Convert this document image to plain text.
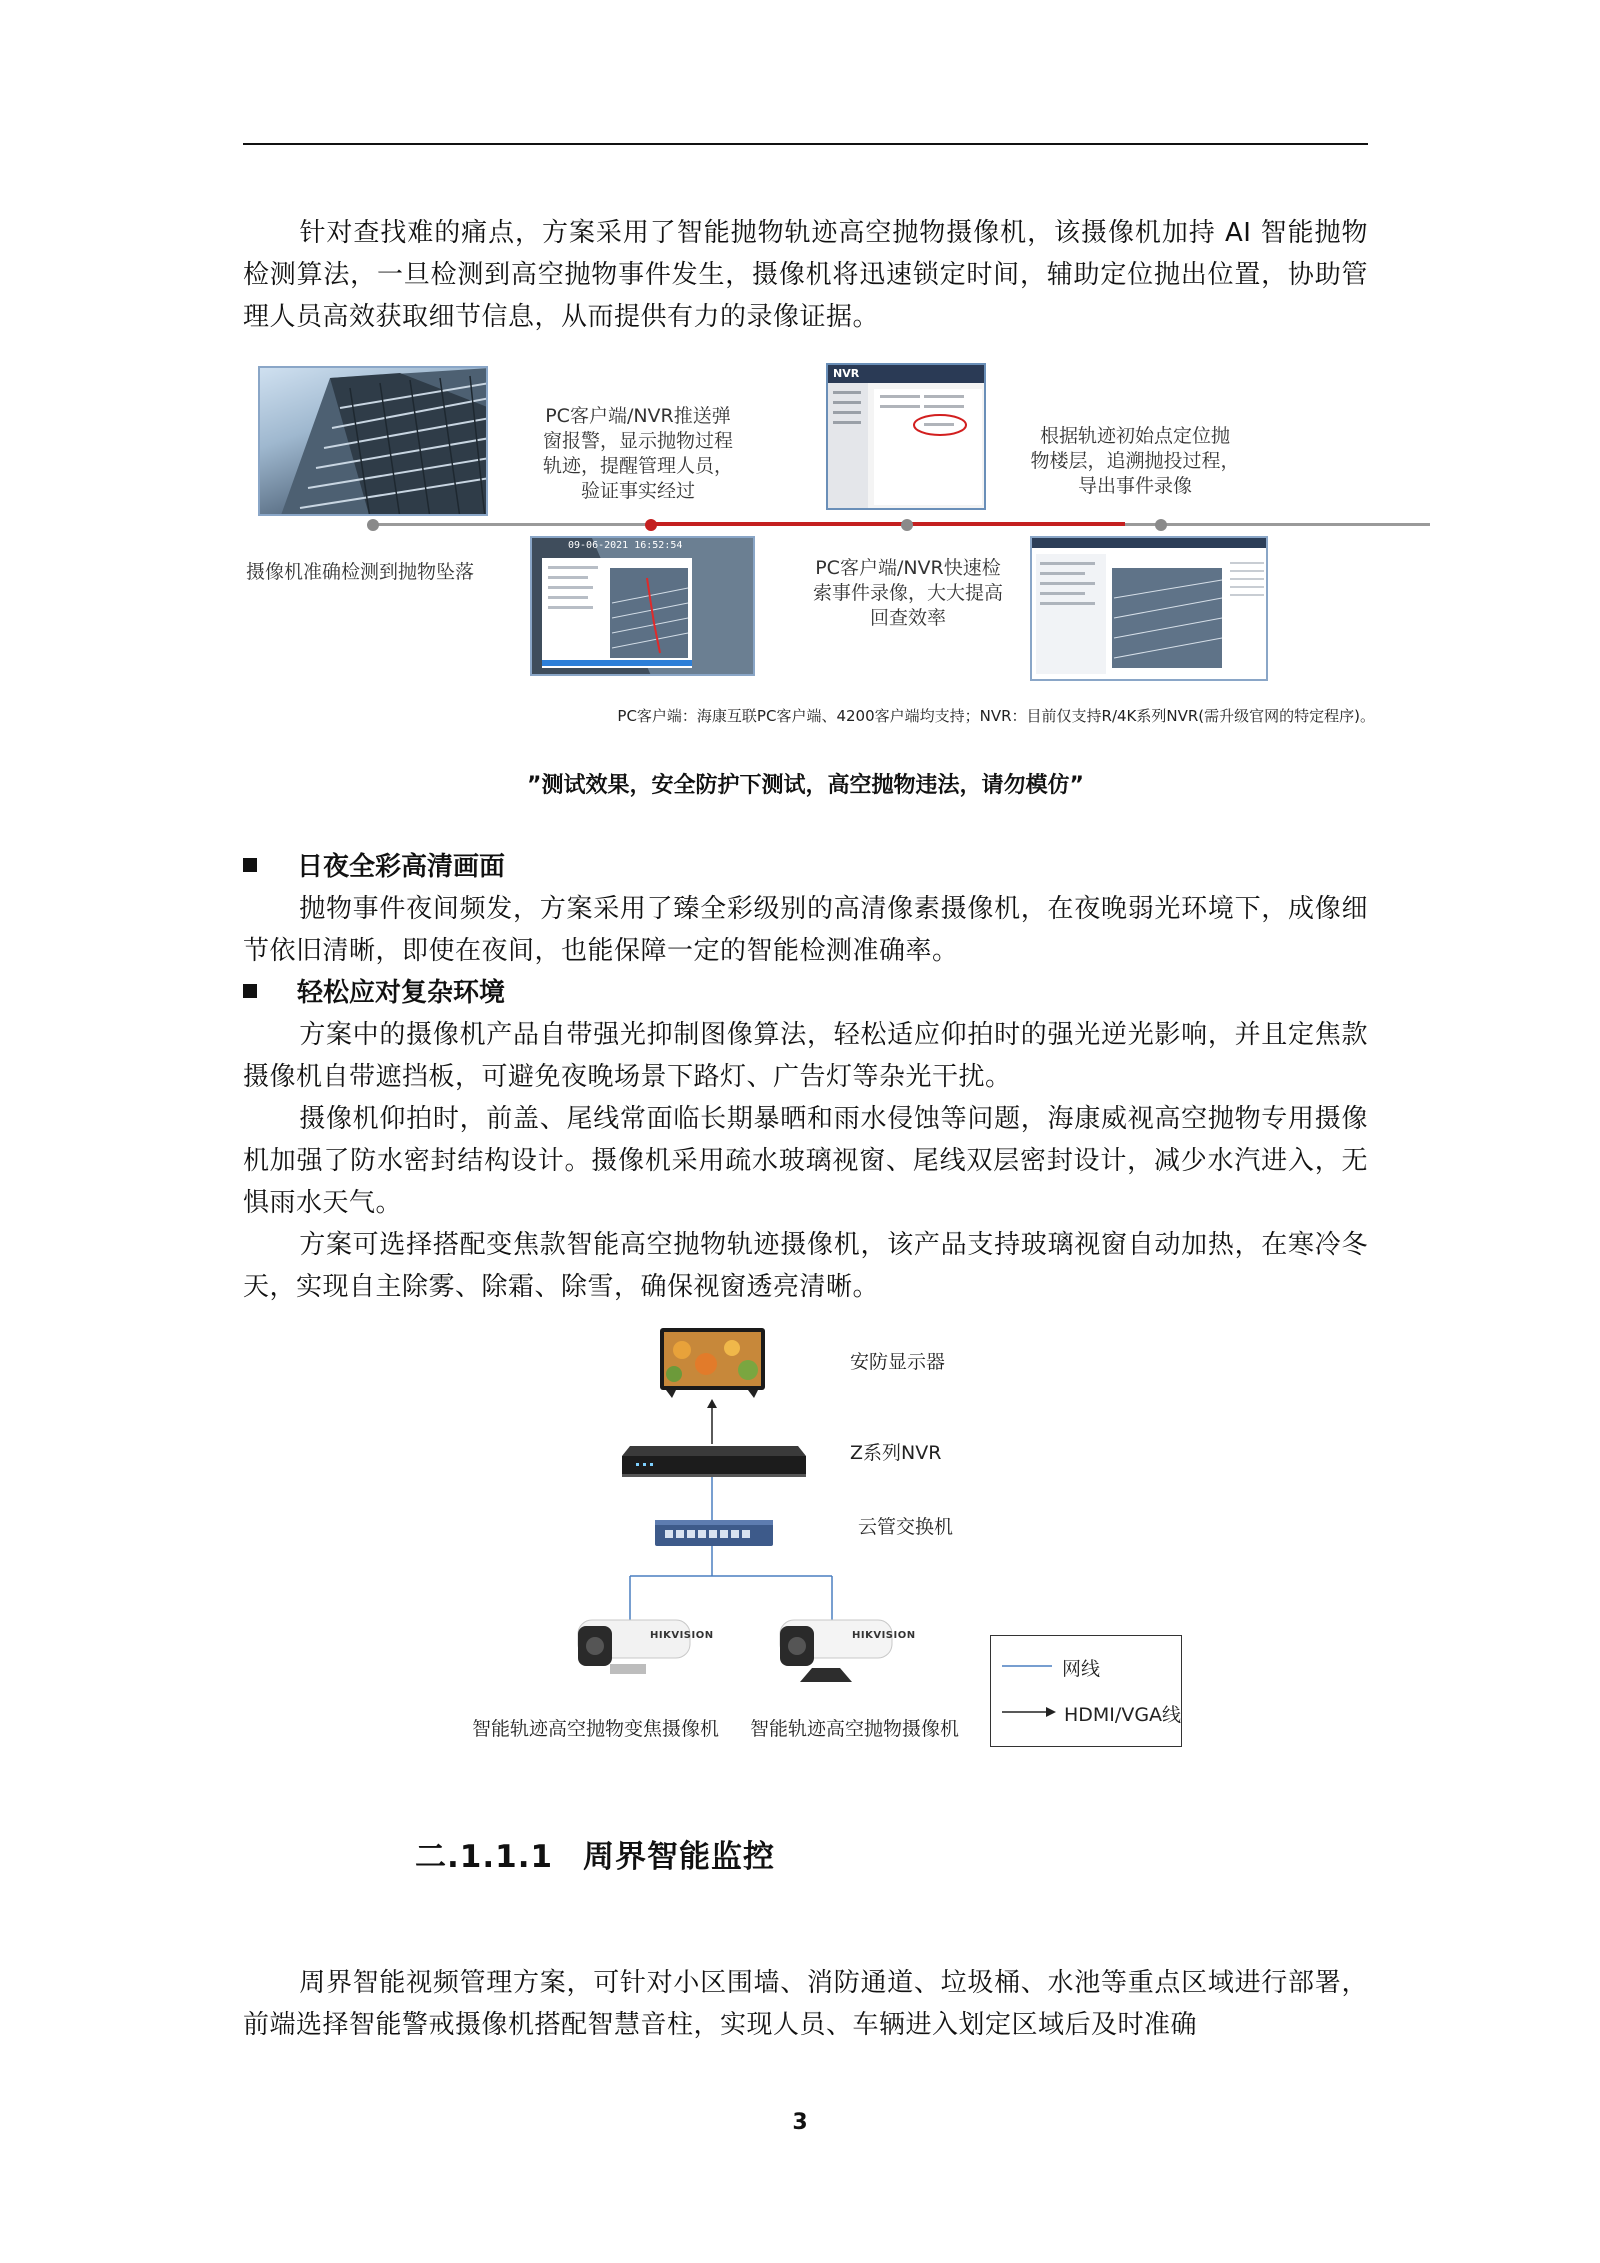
针对查找难的痛点，方案采用了智能抛物轨迹高空抛物摄像机，该摄像机加持 AI 智能抛物检测算法，一旦检测到高空抛物事件发生，摄像机将迅速锁定时间，辅助定位抛出位置，协助管理人员高效获取细节信息，从而提供有力的录像证据。

PC客户端/NVR推送弹
窗报警，显示抛物过程
轨迹，提醒管理人员，
验证事实经过
NVR
根据轨迹初始点定位抛
物楼层，追溯抛投过程，
导出事件录像
摄像机准确检测到抛物坠落
09-06-2021 16:52:54
PC客户端/NVR快速检
索事件录像，大大提高
回查效率
PC客户端：海康互联PC客户端、4200客户端均支持；NVR：目前仅支持R/4K系列NVR(需升级官网的特定程序)。
”测试效果，安全防护下测试，高空抛物违法，请勿模仿”
日夜全彩高清画面

抛物事件夜间频发，方案采用了臻全彩级别的高清像素摄像机，在夜晚弱光环境下，成像细节依旧清晰，即使在夜间，也能保障一定的智能检测准确率。

轻松应对复杂环境

方案中的摄像机产品自带强光抑制图像算法，轻松适应仰拍时的强光逆光影响，并且定焦款摄像机自带遮挡板，可避免夜晚场景下路灯、广告灯等杂光干扰。

摄像机仰拍时，前盖、尾线常面临长期暴晒和雨水侵蚀等问题，海康威视高空抛物专用摄像机加强了防水密封结构设计。摄像机采用疏水玻璃视窗、尾线双层密封设计，减少水汽进入，无惧雨水天气。

方案可选择搭配变焦款智能高空抛物轨迹摄像机，该产品支持玻璃视窗自动加热，在寒冷冬天，实现自主除雾、除霜、除雪，确保视窗透亮清晰。

HIKVISION	HIKVISION
安防显示器
Z系列NVR
云管交换机
智能轨迹高空抛物变焦摄像机 智能轨迹高空抛物摄像机
网线
HDMI/VGA线
二.1.1.1 周界智能监控

周界智能视频管理方案，可针对小区围墙、消防通道、垃圾桶、水池等重点区域进行部署，前端选择智能警戒摄像机搭配智慧音柱，实现人员、车辆进入划定区域后及时准确

3
